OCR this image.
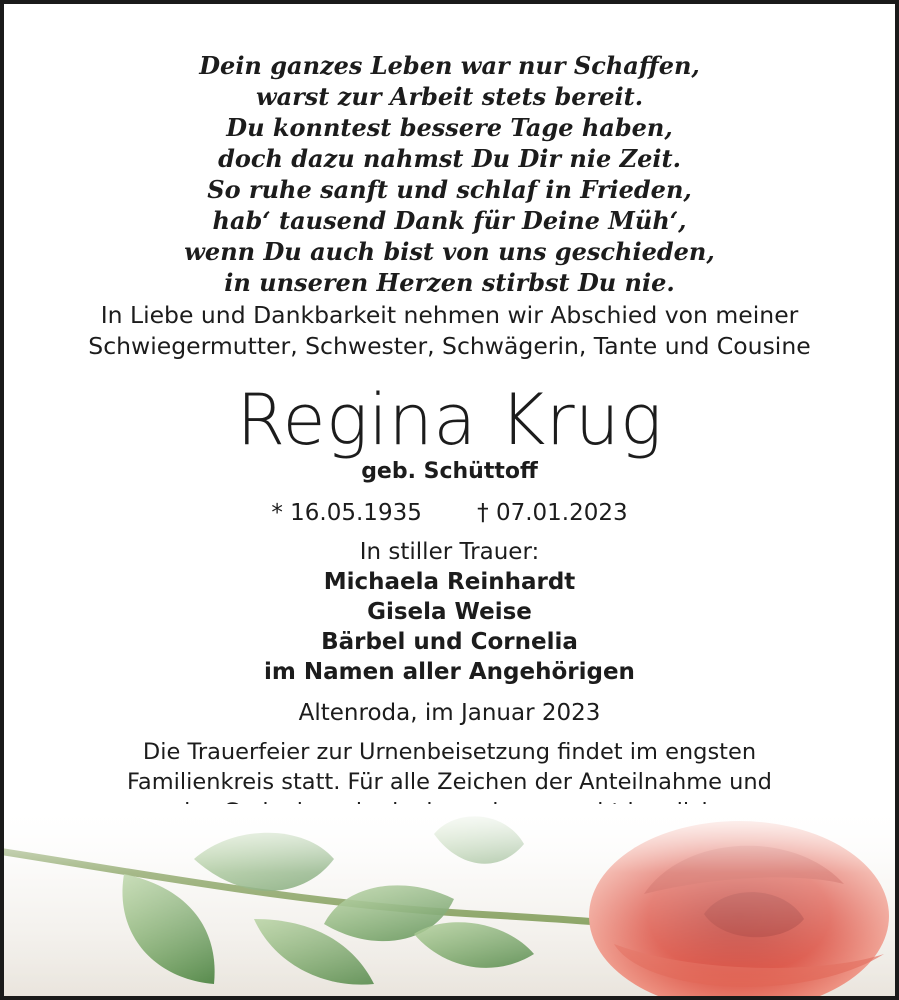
Dein ganzes Leben war nur Schaffen,
warst zur Arbeit stets bereit.
Du konntest bessere Tage haben,
doch dazu nahmst Du Dir nie Zeit.
So ruhe sanft und schlaf in Frieden,
hab‘ tausend Dank für Deine Müh‘,
wenn Du auch bist von uns geschieden,
in unseren Herzen stirbst Du nie.
In Liebe und Dankbarkeit nehmen wir Abschied von meiner
Schwiegermutter, Schwester, Schwägerin, Tante und Cousine
Regina Krug
geb. Schüttoff
* 16.05.1935 † 07.01.2023
In stiller Trauer:
Michaela Reinhardt
Gisela Weise
Bärbel und Cornelia
im Namen aller Angehörigen
Altenroda, im Januar 2023
Die Trauerfeier zur Urnenbeisetzung findet im engsten
Familienkreis statt. Für alle Zeichen der Anteilnahme und
